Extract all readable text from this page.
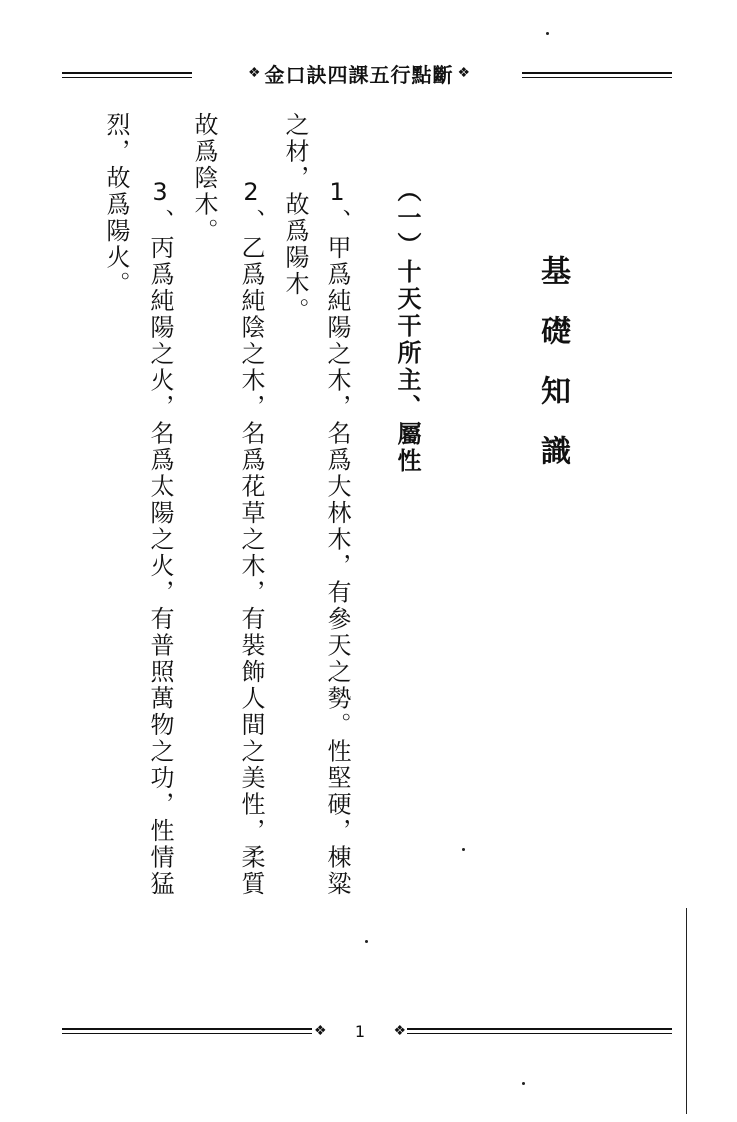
❖ 金口訣四課五行點斷 ❖
基礎知識
（一）十天干所主、屬性
1、甲爲純陽之木，名爲大林木，有參天之勢。性堅硬，棟粱
之材，故爲陽木。
2、乙爲純陰之木，名爲花草之木，有裝飾人間之美性，柔質
故爲陰木。
3、丙爲純陽之火，名爲太陽之火，有普照萬物之功，性情猛
烈，故爲陽火。
❖ 1 ❖
